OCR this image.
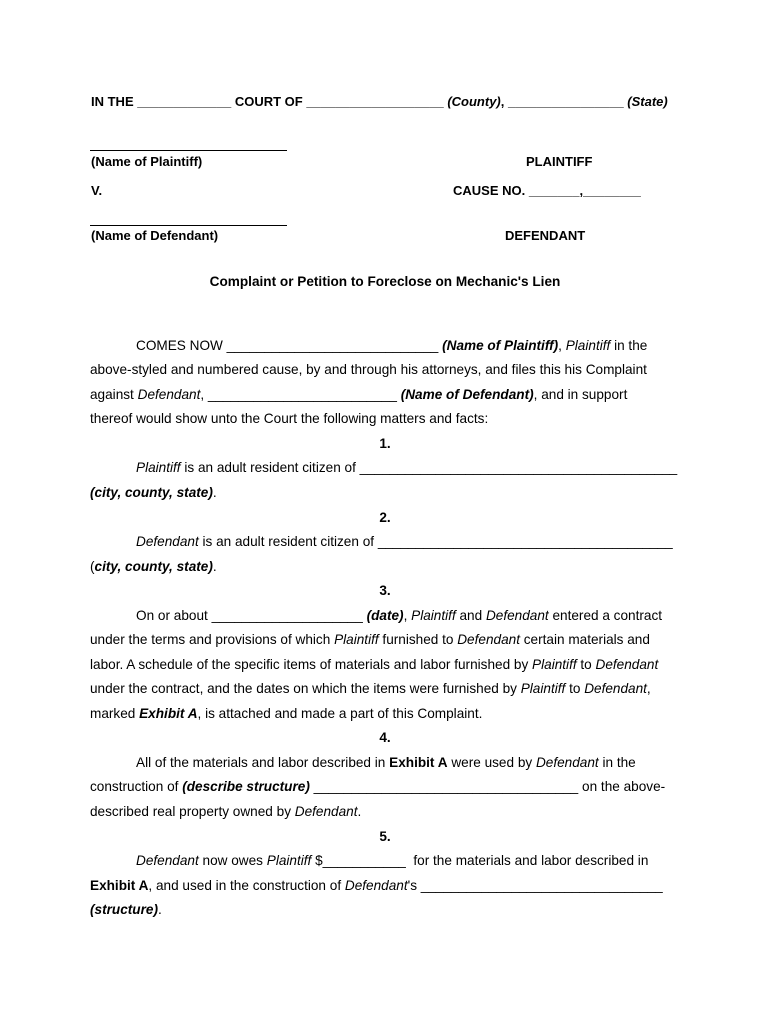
IN THE _____________ COURT OF ___________________ (County), ________________ (State)
(Name of Plaintiff)	PLAINTIFF
V.	CAUSE NO. _______,________
(Name of Defendant)	DEFENDANT
Complaint or Petition to Foreclose on Mechanic's Lien
COMES NOW ____________________________ (Name of Plaintiff), Plaintiff in the
above-styled and numbered cause, by and through his attorneys, and files this his Complaint
against Defendant, _________________________ (Name of Defendant), and in support
thereof would show unto the Court the following matters and facts:
1.
Plaintiff is an adult resident citizen of __________________________________________
(city, county, state).
2.
Defendant is an adult resident citizen of _______________________________________
(city, county, state).
3.
On or about ____________________ (date), Plaintiff and Defendant entered a contract
under the terms and provisions of which Plaintiff furnished to Defendant certain materials and
labor. A schedule of the specific items of materials and labor furnished by Plaintiff to Defendant
under the contract, and the dates on which the items were furnished by Plaintiff to Defendant,
marked Exhibit A, is attached and made a part of this Complaint.
4.
All of the materials and labor described in Exhibit A were used by Defendant in the
construction of (describe structure) ___________________________________ on the above-
described real property owned by Defendant.
5.
Defendant now owes Plaintiff $___________  for the materials and labor described in
Exhibit A, and used in the construction of Defendant's ________________________________
(structure).
